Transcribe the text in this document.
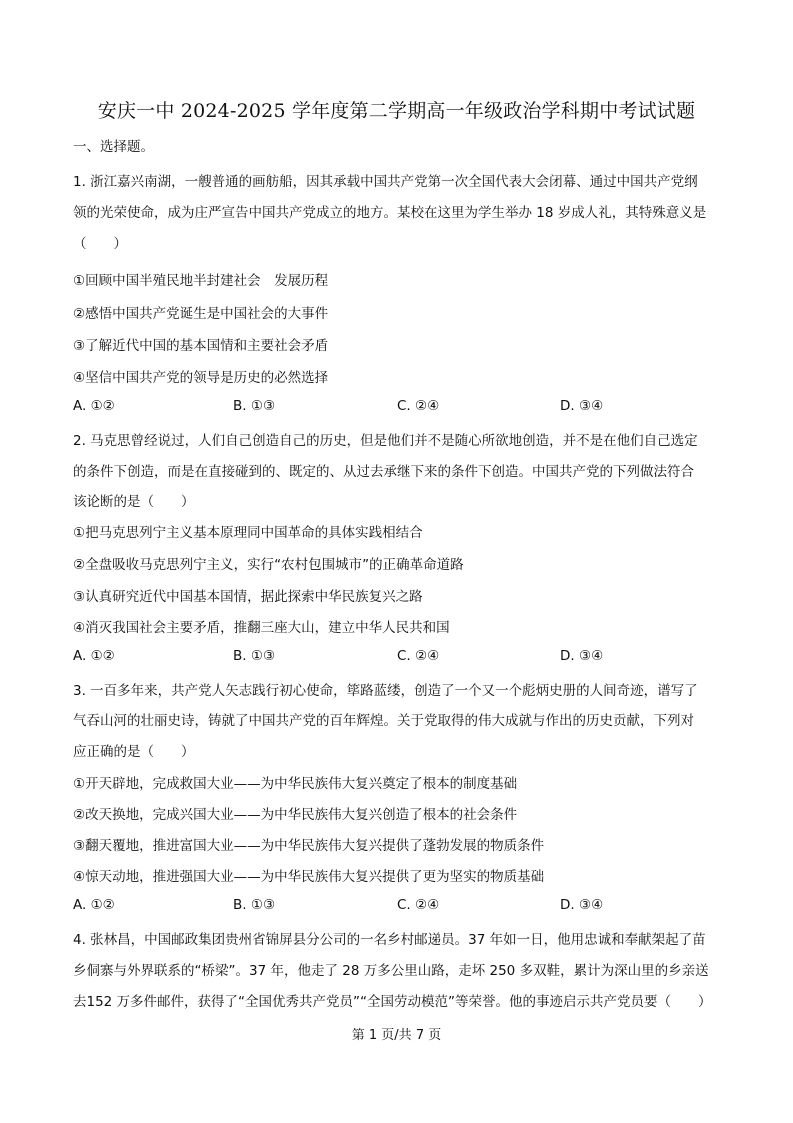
安庆一中 2024-2025 学年度第二学期高一年级政治学科期中考试试题
一、选择题。
1. 浙江嘉兴南湖，一艘普通的画舫船，因其承载中国共产党第一次全国代表大会闭幕、通过中国共产党纲
领的光荣使命，成为庄严宣告中国共产党成立的地方。某校在这里为学生举办 18 岁成人礼，其特殊意义是
（　　）
①回顾中国半殖民地半封建社会　发展历程
②感悟中国共产党诞生是中国社会的大事件
③了解近代中国的基本国情和主要社会矛盾
④坚信中国共产党的领导是历史的必然选择
A. ①②	B. ①③	C. ②④	D. ③④
2. 马克思曾经说过，人们自己创造自己的历史，但是他们并不是随心所欲地创造，并不是在他们自己选定
的条件下创造，而是在直接碰到的、既定的、从过去承继下来的条件下创造。中国共产党的下列做法符合
该论断的是（　　）
①把马克思列宁主义基本原理同中国革命的具体实践相结合
②全盘吸收马克思列宁主义，实行“农村包围城市”的正确革命道路
③认真研究近代中国基本国情，据此探索中华民族复兴之路
④消灭我国社会主要矛盾，推翻三座大山，建立中华人民共和国
A. ①②	B. ①③	C. ②④	D. ③④
3. 一百多年来，共产党人矢志践行初心使命，筚路蓝缕，创造了一个又一个彪炳史册的人间奇迹，谱写了
气吞山河的壮丽史诗，铸就了中国共产党的百年辉煌。关于党取得的伟大成就与作出的历史贡献，下列对
应正确的是（　　）
①开天辟地，完成救国大业——为中华民族伟大复兴奠定了根本的制度基础
②改天换地，完成兴国大业——为中华民族伟大复兴创造了根本的社会条件
③翻天覆地，推进富国大业——为中华民族伟大复兴提供了蓬勃发展的物质条件
④惊天动地，推进强国大业——为中华民族伟大复兴提供了更为坚实的物质基础
A. ①②	B. ①③	C. ②④	D. ③④
4. 张林昌，中国邮政集团贵州省锦屏县分公司的一名乡村邮递员。37 年如一日，他用忠诚和奉献架起了苗
乡侗寨与外界联系的“桥梁”。37 年，他走了 28 万多公里山路，走坏 250 多双鞋，累计为深山里的乡亲送
去152 万多件邮件，获得了“全国优秀共产党员”“全国劳动模范”等荣誉。他的事迹启示共产党员要（　　）
第 1 页/共 7 页
